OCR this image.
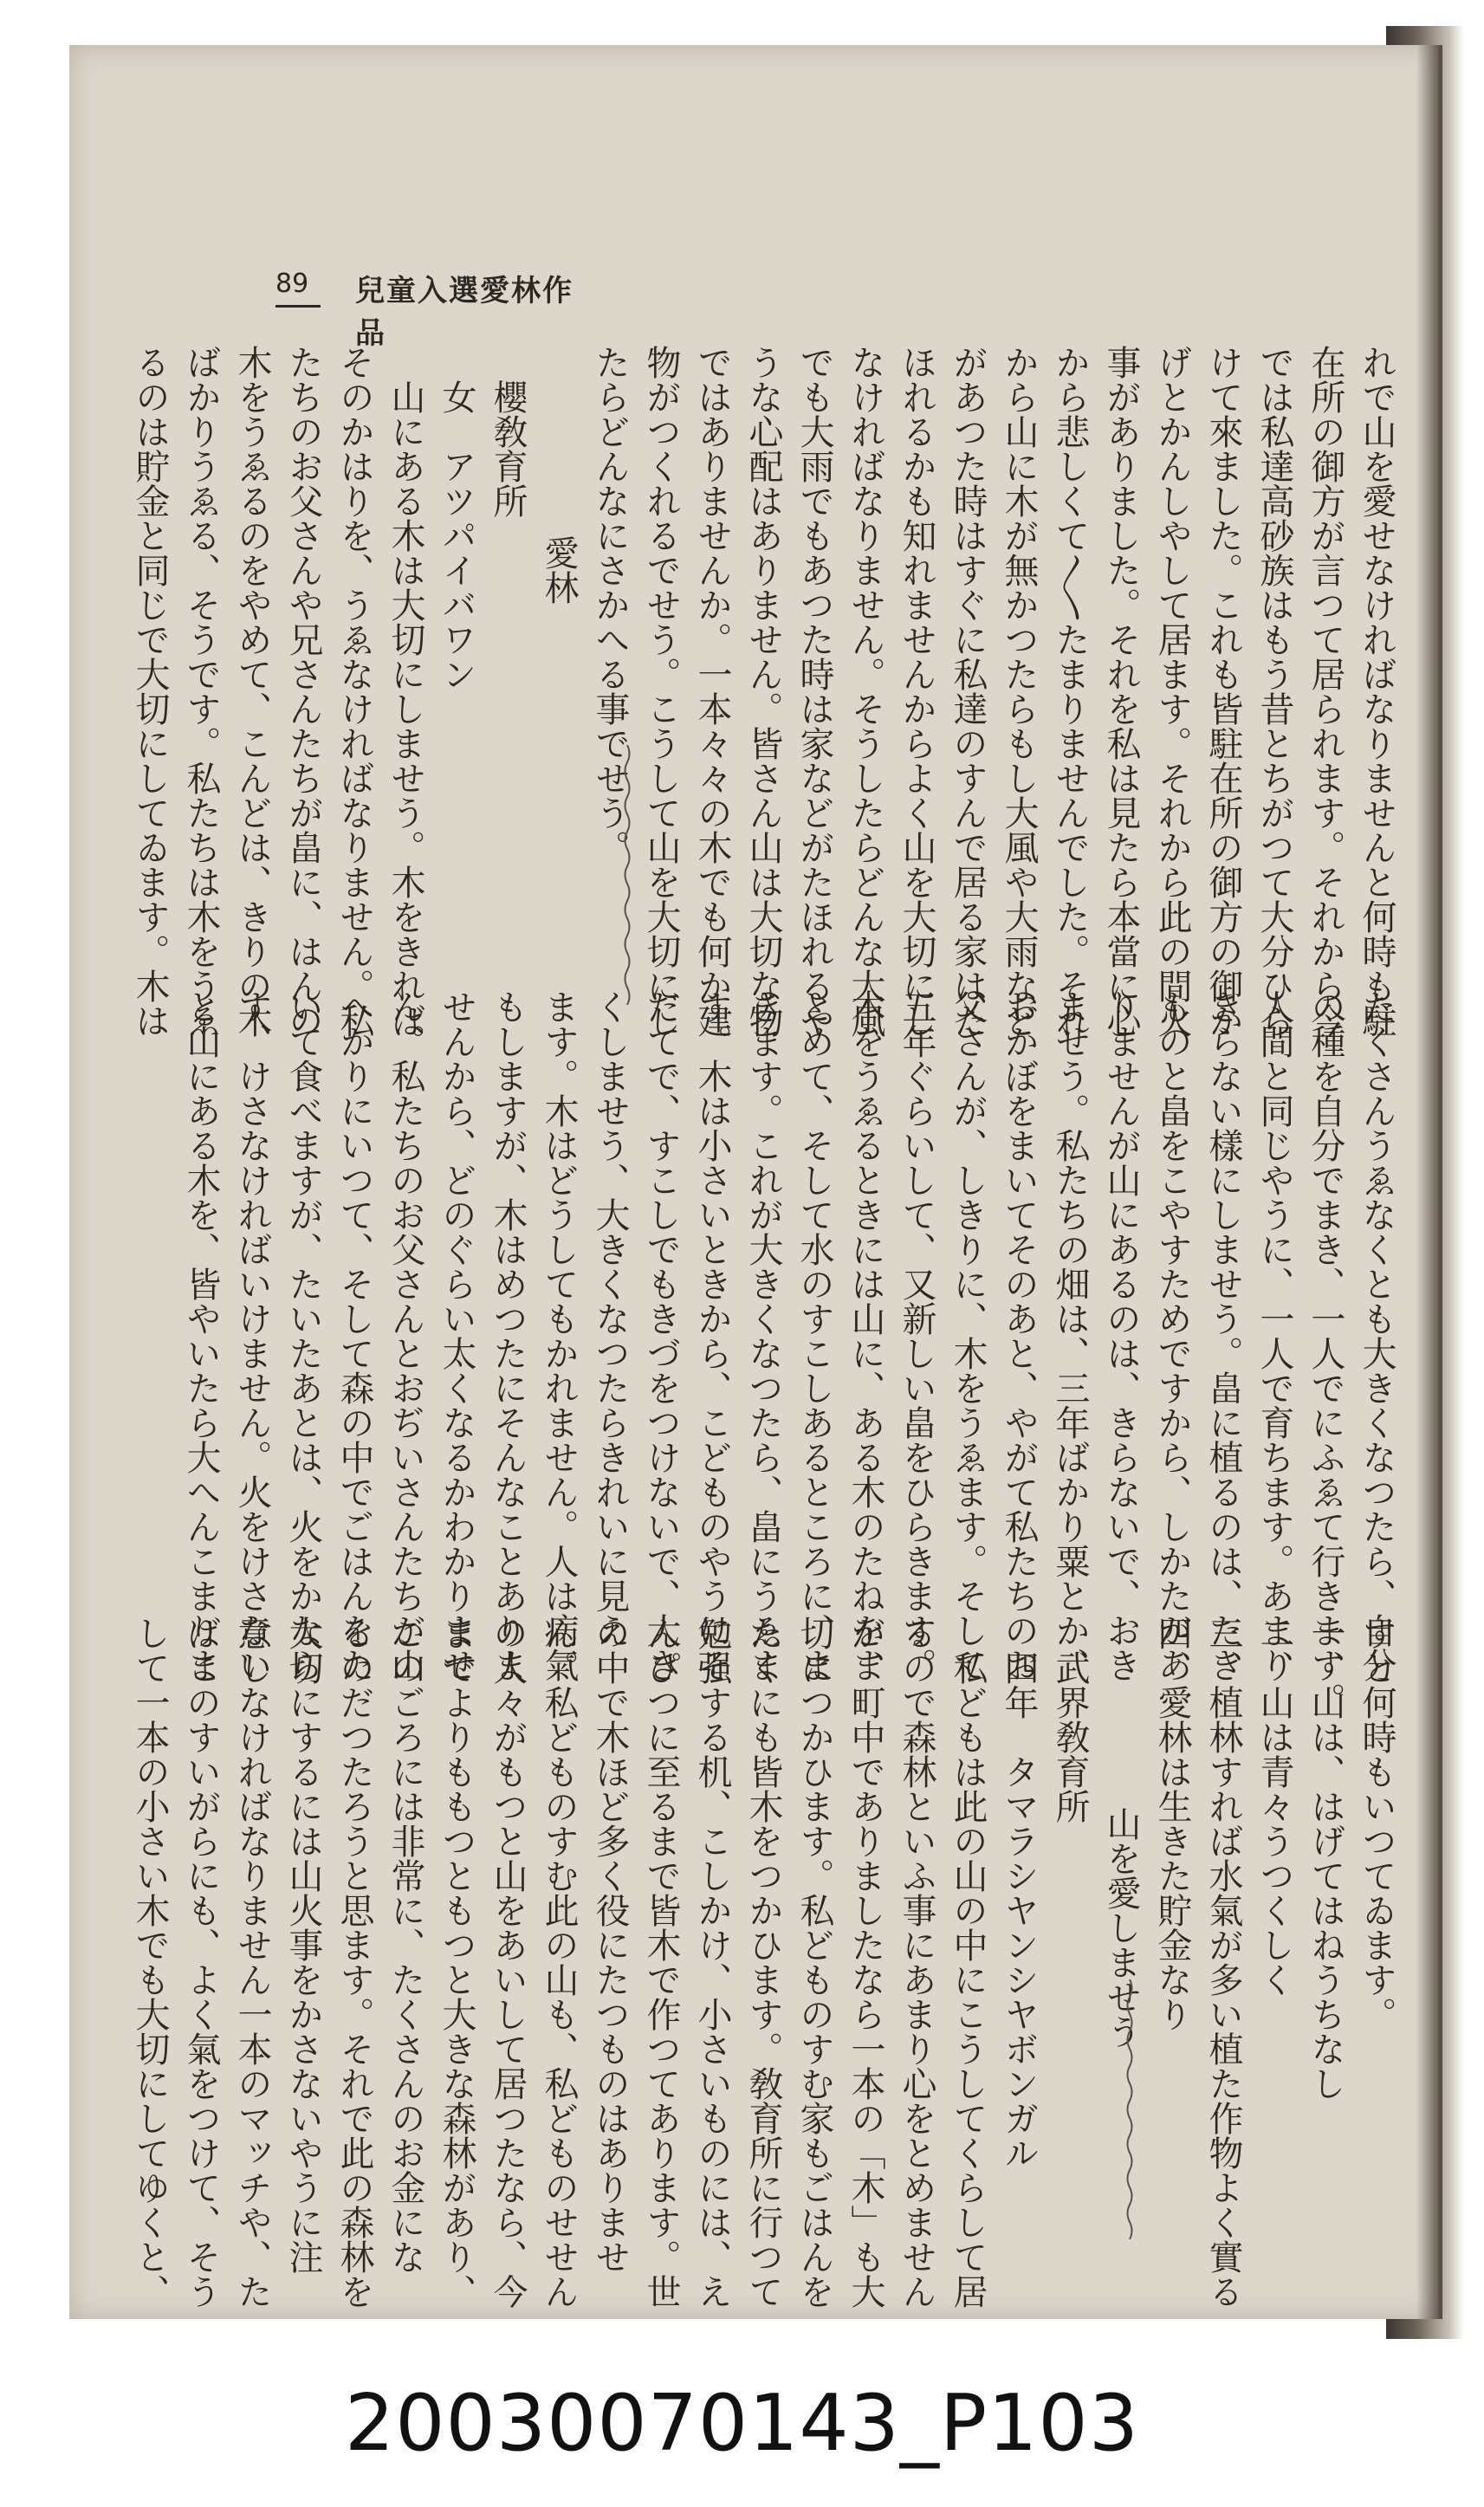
89 兒童入選愛林作品
れで山を愛せなければなりませんと何時も駐
在所の御方が言つて居られます。それから今
では私達高砂族はもう昔とちがつて大分ひら
けて來ました。これも皆駐在所の御方の御か
げとかんしやして居ます。それから此の間火
事がありました。それを私は見たら本當に心
から悲しくて〳〵たまりませんでした。それ
から山に木が無かつたらもし大風や大雨など
があつた時はすぐに私達のすんで居る家はた
ほれるかも知れませんからよく山を大切にし
なければなりません。そうしたらどんな大風
でも大雨でもあつた時は家などがたほれるや
うな心配はありません。皆さん山は大切な物
ではありませんか。一本々々の木でも何か建
物がつくれるでせう。こうして山を大切にし
たらどんなにさかへる事でせう。
愛林
櫻敎育所
女　アツパイバワン
山にある木は大切にしませう。木をきれば
そのかはりを、うゑなければなりません。私
たちのお父さんや兄さんたちが畠に、はんの
木をうゑるのをやめて、こんどは、きりの木
ばかりうゑる、そうです。私たちは木をうゑ
るのは貯金と同じで大切にしてゐます。木は
たくさんうゑなくとも大きくなつたら、自分
の種を自分でまき、一人でにふゑて行きます。
人間と同じやうに、一人で育ちます。あまり
きらない樣にしませう。畠に植るのは、たき
ものと畠をこやすためですから、しかたがあ
りませんが山にあるのは、きらないで、おき
ませう。私たちの畑は、三年ばかり粟とか、
おかぼをまいてそのあと、やがて私たちのお
父さんが、しきりに、木をうゑます。そして
五年ぐらいして、又新しい畠をひらきます。
木をうゑるときには山に、ある木のたねをま
とめて、そして水のすこしあるところに、ま
きます。これが大きくなつたら、畠にうゑま
す。木は小さいときから、こどものやうにそ
だてで、すこしでもきづをつけないで、大き
くしませう、大きくなつたらきれいに見え
ます。木はどうしてもかれません。人は病氣
もしますが、木はめつたにそんなことありま
せんから、どのぐらい太くなるかわかりませ
ん。私たちのお父さんとおぢいさんたちが山
へかりにいつて、そして森の中でごはんをた
いて食べますが、たいたあとは、火をかなら
す、けさなければいけません。火をけさない
と山にある木を、皆やいたら大へんこまりま
すと何時もいつてゐます。
一、山は、はげてはねうちなし
二、山は青々うつくしく
三、植林すれば水氣が多い植た作物よく實る
四、愛林は生きた貯金なり
山を愛しませう
武界敎育所
四年　タマラシヤンシヤボンガル
私どもは此の山の中にこうしてくらして居
るので森林といふ事にあまり心をとめません
が、町中でありましたなら一本の「木」も大
切につかひます。私どものすむ家もごはんを
たくにも皆木をつかひます。敎育所に行つて
勉强する机、こしかけ、小さいものには、え
んぴつに至るまで皆木で作つてあります。世
の中で木ほど多く役にたつものはありませ
ん。私どものすむ此の山も、私どものせせん
の人々がもつと山をあいして居つたなら、今
までよりももつともつと大きな森林があり、
このごろには非常に、たくさんのお金にな
るのだつたろうと思ます。それで此の森林を
大切にするには山火事をかさないやうに注
意しなければなりません一本のマッチや、た
ばこのすいがらにも、よく氣をつけて、そう
して一本の小さい木でも大切にしてゆくと、
20030070143_P103
